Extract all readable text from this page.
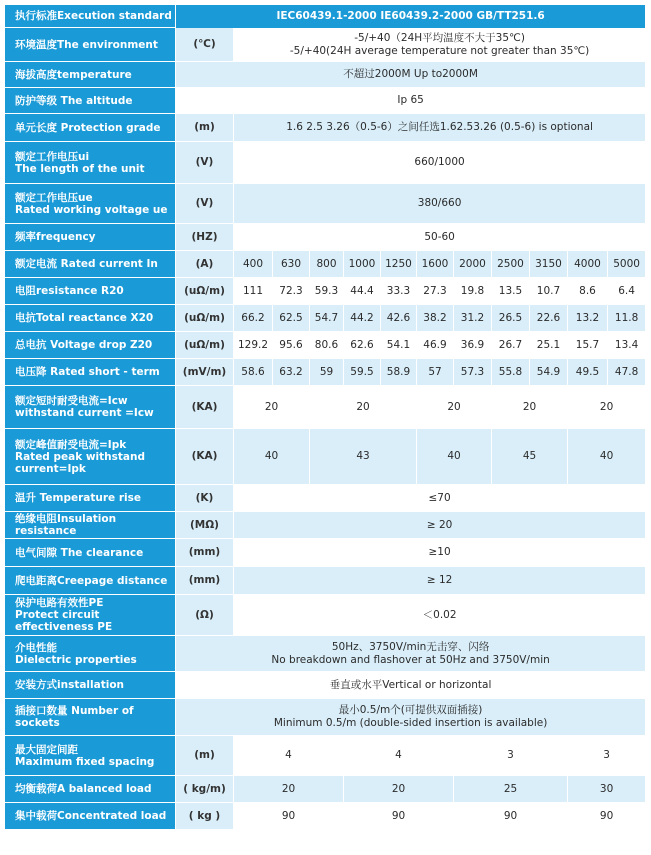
执行标准Execution standard	IEC60439.1-2000 IE60439.2-2000 GB/TT251.6											
环境温度The environment	(℃)	-5/+40（24H平均温度不大于35℃)
-5/+40(24H average temperature not greater than 35℃)										

海拔高度temperature	不超过2000M Up to2000M											
防护等级 The altitude	Ip 65											
单元长度 Protection grade	(m)	1.6 2.5 3.26（0.5-6）之间任选1.62.53.26 (0.5-6) is optional										

额定工作电压ui
The length of the unit	(V)	660/1000										

额定工作电压ue
Rated working voltage ue	(V)	380/660										
频率frequency	(HZ)	50-60										
额定电流 Rated current In	(A)	400	630	800	1000	1250	1600	2000	2500	3150	4000	5000
电阻resistance R20	(uΩ/m)	111	72.3	59.3	44.4	33.3	27.3	19.8	13.5	10.7	8.6	6.4
电抗Total reactance X20	(uΩ/m)	66.2	62.5	54.7	44.2	42.6	38.2	31.2	26.5	22.6	13.2	11.8
总电抗 Voltage drop Z20	(uΩ/m)	129.2	95.6	80.6	62.6	54.1	46.9	36.9	26.7	25.1	15.7	13.4
电压降 Rated short - term	(mV/m)	58.6	63.2	59	59.5	58.9	57	57.3	55.8	54.9	49.5	47.8

额定短时耐受电流=Icw
withstand current =Icw	(KA)	20		20			20		20		20	

额定峰值耐受电流=Ipk
Rated peak withstand current=Ipk	(KA)	40		43			40		45		40	
温升 Temperature rise	(K)	≤70										
绝缘电阻Insulation resistance	(MΩ)	≥ 20										
电气间隙 The clearance	(mm)	≥10										
爬电距离Creepage distance	(mm)	≥ 12										

保护电路有效性PE
Protect circuit effectiveness PE	(Ω)	＜0.02										

介电性能
Dielectric properties	50Hz、3750V/min无击穿、闪络
No breakdown and flashover at 50Hz and 3750V/min											

安装方式installation	垂直或水平Vertical or horizontal											
插接口数量 Number of sockets	最小0.5/m个(可提供双面插接)
Minimum 0.5/m (double-sided insertion is available)											

最大固定间距
Maximum fixed spacing	(m)	4			4			3			3	
均衡载荷A balanced load	( kg/m)	20			20			25			30	
集中载荷Concentrated load	( kg )	90			90			90			90	
